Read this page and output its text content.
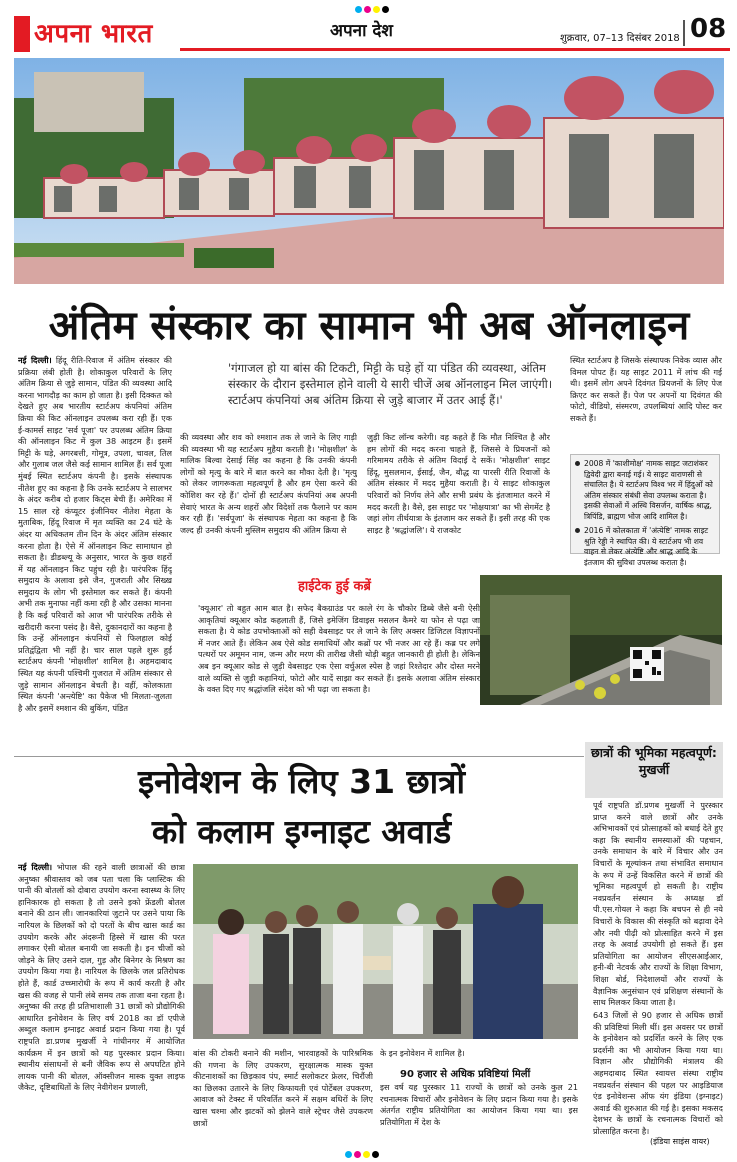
अपना भारत	अपना देश	शुक्रवार, 07–13 दिसंबर 2018 08
अंतिम संस्कार का सामान भी अब ऑनलाइन
'गंगाजल हो या बांस की टिकटी, मिट्टी के घड़े हों या पंडित की व्यवस्था, अंतिम संस्कार के दौरान इस्तेमाल होने वाली ये सारी चीजें अब ऑनलाइन मिल जाएंगी। स्टार्टअप कंपनियां अब अंतिम क्रिया से जुड़े बाजार में उतर आई हैं।'
नई दिल्ली। हिंदू रीति-रिवाज में अंतिम संस्कार की प्रक्रिया लंबी होती है। शोकाकुल परिवारों के लिए अंतिम क्रिया से जुड़े सामान, पंडित की व्यवस्था आदि करना भागदौड़ का काम हो जाता है। इसी दिक्कत को देखते हुए अब भारतीय स्टार्टअप कंपनियां अंतिम क्रिया की किट ऑनलाइन उपलब्ध करा रही हैं। एक ई-कामर्स साइट 'सर्व पूजा' पर उपलब्ध अंतिम क्रिया की ऑनलाइन किट में कुल 38 आइटम हैं। इसमें मिट्टी के घड़े, अगरबत्ती, गोमूत्र, उपला, चावल, तिल और गुलाब जल जैसे कई सामान शामिल हैं। सर्व पूजा मुंबई स्थित स्टार्टअप कंपनी है। इसके संस्थापक नीतेश हुए का कहना है कि उनके स्टार्टअप ने सालभर के अंदर करीब दो हजार किट्स बेची हैं। अमेरिका में 15 साल रहे कंप्यूटर इंजीनियर नीतेश मेहता के मुताबिक, हिंदू रिवाज में मृत व्यक्ति का 24 घंटे के अंदर या अधिकतम तीन दिन के अंदर अंतिम संस्कार करना होता है। ऐसे में ऑनलाइन किट सामाधान हो सकता है। डीडब्ल्यू के अनुसार, भारत के कुछ शहरों में यह ऑनलाइन किट पहुंच रही है। पारंपरिक हिंदू समुदाय के अलावा इसे जैन, गुजराती और सिख्ख समुदाय के लोग भी इस्तेमाल कर सकते हैं। कंपनी अभी तक मुनाफा नहीं कमा रही है और उसका मानना है कि कई परिवारों को आज भी पारंपरिक तरीके से खरीदारी करना पसंद है। वैसे, दुकानदारों का कहना है कि उन्हें ऑनलाइन कंपनियों से फिलहाल कोई प्रतिद्वंद्विता भी नहीं है। चार साल पहले शुरू हुई स्टार्टअप कंपनी 'मोक्षशील' शामिल है। अहमदाबाद स्थित यह कंपनी पश्चिमी गुजरात में अंतिम संस्कार से जुड़े सामान ऑनलाइन बेचती है। वहीं, कोलकाता स्थित कंपनी 'अन्त्येष्टि' का पैकेज भी मिलता-जुलता है और इसमें श्मशान की बुकिंग, पंडित
की व्यवस्था और शव को श्मशान तक ले जाने के लिए गाड़ी की व्यवस्था भी यह स्टार्टअप मुहैया कराती है। 'मोक्षशील' के मालिक बिल्वा देसाई सिंह का कहना है कि उनकी कंपनी लोगों को मृत्यु के बारे में बात करने का मौका देती है। 'मृत्यु को लेकर जागरूकता महत्वपूर्ण है और हम ऐसा करने की कोशिश कर रहे हैं।' दोनों ही स्टार्टअप कंपनियां अब अपनी सेवाएं भारत के अन्य शहरों और विदेशों तक फैलाने पर काम कर रही हैं। 'सर्वपूजा' के संस्थापक मेहता का कहना है कि जल्द ही उनकी कंपनी मुस्लिम समुदाय की अंतिम क्रिया से
जुड़ी किट लॉन्च करेगी। वह कहते हैं कि मौत निश्चित है और हम लोगों की मदद करना चाहते हैं, जिससे वे प्रियजनों को गरिमामय तरीके से अंतिम विदाई दे सकें। 'मोक्षशील' साइट हिंदू, मुसलमान, ईसाई, जैन, बौद्ध या पारसी रीति रिवाजों के अंतिम संस्कार में मदद मुहैया कराती है। ये साइट शोकाकुल परिवारों को निर्णय लेने और सभी प्रबंध के इंतजामात करने में मदद करती है। वैसे, इस साइट पर 'मोक्षयात्रा' का भी सेगमेंट है जहां लोग तीर्थयात्रा के इंतजाम कर सकते हैं। इसी तरह की एक साइट है 'श्रद्धांजलि'। ये राजकोट
स्थित स्टार्टअप है जिसके संस्थापक निवेक व्यास और विमल पोपट हैं। यह साइट 2011 में लांच की गई थी। इसमें लोग अपने दिवंगत प्रियजनों के लिए पेज क्रिएट कर सकते हैं। पेज पर अपनों या दिवंगत की फोटो, वीडियो, संस्मरण, उपलब्धियां आदि पोस्ट कर सकते हैं।
2008 में 'काशीमोक्ष' नामक साइट जटाशंकर द्विवेदी द्वारा बनाई गई। ये साइट वाराणसी से संचालित है। ये स्टार्टअप विश्व भर में हिंदुओं को अंतिम संस्कार संबंधी सेवा उपलब्ध कराता है। इसकी सेवाओं में अस्थि विसर्जन, वार्षिक श्राद्ध, त्रिपिंडि, ब्राह्मण भोज आदि शामिल है।
2016 में कोलकाता में 'अंत्येष्टि' नामक साइट श्रुति रेड्डी ने स्थापित की। ये स्टार्टअप भी शव वाहन से लेकर अंत्येष्टि और श्राद्ध आदि के इंतजाम की सुविधा उपलब्ध कराता है।
हाईटेक हुई कब्रें
'क्यूआर' तो बहुत आम बात है। सफेद बैकग्राउंड पर काले रंग के चौकोर डिब्बे जैसे बनी ऐसी आकृतियां क्यूआर कोड कहलाती हैं, जिसे इमेजिंग डिवाइस मसलन कैमरे या फोन से पढ़ा जा सकता है। ये कोड उपभोक्ताओं को सही वेबसाइट पर ले जाने के लिए अक्सर डिजिटल विज्ञापनों में नजर आते हैं। लेकिन अब ऐसे कोड समाधियों और कब्रों पर भी नजर आ रहे हैं। कब्र पर लगे पत्थरों पर अमूमन नाम, जन्म और मरण की तारीख जैसी थोड़ी बहुत जानकारी ही होती है। लेकिन अब इन क्यूआर कोड से जुड़ी वेबसाइट एक ऐसा वर्चुअल स्पेस है जहां रिश्तेदार और दोस्त मरने वाले व्यक्ति से जुड़ी कहानियां, फोटो और यादें साझा कर सकते हैं। इसके अलावा अंतिम संस्कार के वक्त दिए गए श्रद्धांजलि संदेश को भी पढ़ा जा सकता है।
इनोवेशन के लिए 31 छात्रों
को कलाम इग्नाइट अवार्ड
नई दिल्ली। भोपाल की रहने वाली छात्राओं की छात्रा अनुष्का श्रीवास्तव को जब पता चला कि प्लास्टिक की पानी की बोतलों को दोबारा उपयोग करना स्वास्थ्य के लिए हानिकारक हो सकता है तो उसने इको फ्रेंडली बोतल बनाने की ठान ली। जानकारियां जुटाने पर उसने पाया कि नारियल के छिलकों को दो परतों के बीच खास कार्ड का उपयोग करके और अंदरूनी हिस्से में खास की परत लगाकर ऐसी बोतल बनायी जा सकती है। इन चीजों को जोड़ने के लिए उसने दाल, गुड़ और बिनेगर के मिश्रण का उपयोग किया गया है। नारियल के छिलके जल प्रतिरोधक होते हैं, कार्ड उच्च्मारोधी के रूप में कार्य करती है और खस की वजह से पानी लंबे समय तक ताजा बना रहता है। अनुष्का की तरह ही प्रतिभाशाली 31 छात्रों को प्रौद्योगिकी आधारित इनोवेशन के लिए वर्ष 2018 का डॉ एपीजे अब्दुल कलाम इग्नाइट अवार्ड प्रदान किया गया है। पूर्व राष्ट्रपति डा.प्रणब मुखर्जी ने गांधीनगर में आयोजित कार्यक्रम में इन छात्रों को यह पुरस्कार प्रदान किया। स्थानीय संसाधनों से बनी जैविक रूप से अपघटित होने लायक पानी की बोतल, ऑक्सीजन मास्क युक्त लाइफ जैकेट, दृष्टिबाधितों के लिए नेवीगेशन प्रणाली,
बांस की टोकरी बनाने की मशीन, भारवाहकों के पारिश्रमिक की गणना के लिए उपकरण, सुरक्षात्मक मास्क युक्त कीटनाशकों का छिड़काव पंप, स्मार्ट सलोकटर फ्रेलर, चिरौंजी का छिलका उतारने के लिए किफायती एवं पोर्टेबल उपकरण, आवाज को टेक्स्ट में परिवर्तित करने में सक्षम बधिरों के लिए खास चश्मा और झटकों को झेलने वाले स्ट्रेचर जैसे उपकरण छात्रों
के इन इनोवेशन में शामिल है।
90 हजार से अधिक प्रविष्टियां मिलीं
इस वर्ष यह पुरस्कार 11 राज्यों के छात्रों को उनके कुल 21 रचनात्मक विचारों और इनोवेशन के लिए प्रदान किया गया है। इसके अंतर्गत राष्ट्रीय प्रतियोगिता का आयोजन किया गया था। इस प्रतियोगिता में देश के
छात्रों की भूमिका महत्वपूर्ण: मुखर्जी
पूर्व राष्ट्रपति डॉ.प्रणब मुखर्जी ने पुरस्कार प्राप्त करने वाले छात्रों और उनके अभिभावकों एवं प्रोत्साहकों को बधाई देते हुए कहा कि स्थानीय समस्याओं की पहचान, उनके समाधान के बारे में विचार और उन विचारों के मूल्यांकन तथा संभावित समाधान के रूप में उन्हें विकसित करने में छात्रों की भूमिका महत्वपूर्ण हो सकती है। राष्ट्रीय नवप्रवर्तन संस्थान के अध्यक्ष डॉ पी.एस.गोयल ने कहा कि बचपन से ही नये विचारों के विकास की संस्कृति को बढ़ावा देने और नयी पीढ़ी को प्रोत्साहित करने में इस तरह के अवार्ड उपयोगी हो सकते हैं। इस प्रतियोगिता का आयोजन सीएसआईआर, हनी-बी नेटवर्क और राज्यों के शिक्षा विभाग, शिक्षा बोर्ड, निदेशालयों और राज्यों के वैज्ञानिक अनुसंधान एवं प्रशिक्षण संस्थानों के साथ मिलकर किया जाता है।
643 जिलों से 90 हजार से अधिक छात्रों की प्रविष्टियां मिली थीं। इस अवसर पर छात्रों के इनोवेशन को प्रदर्शित करने के लिए एक प्रदर्शनी का भी आयोजन किया गया था। विज्ञान और प्रौद्योगिकी मंत्रालय की अहमदाबाद स्थित स्वायत्त संस्था राष्ट्रीय नवप्रवर्तन संस्थान की पहल पर आइडियाज एंड इनोवेशन्स ऑफ यंग इंडिया (इग्नाइट) अवार्ड की शुरुआत की गई है। इसका मकसद देशभर के छात्रों के रचनात्मक विचारों को प्रोत्साहित करना है।
(इंडिया साइंस वायर)
